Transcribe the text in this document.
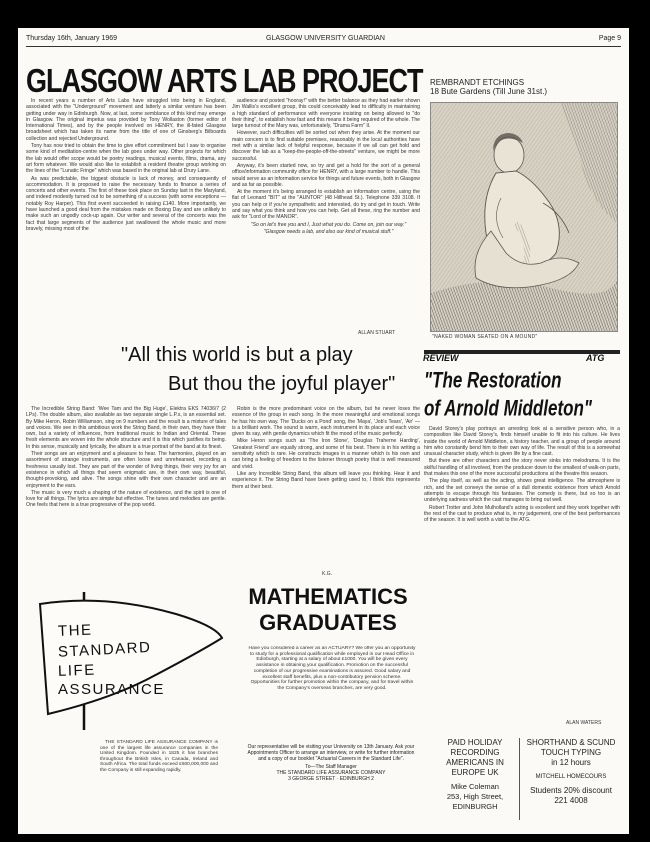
Thursday 16th, January 1969	GLASGOW UNIVERSITY GUARDIAN	Page 9
GLASGOW ARTS LAB PROJECT

In recent years a number of Arts Labs have struggled into being in England, associated with the "Underground" movement and latterly a similar venture has been getting under way in Edinburgh. Now, at last, some semblance of this kind may emerge in Glasgow. The original impetus was provided by Tony Wollaston (former editor of International Times), and by the people involved on HENRY, the ill-fated Glasgow broadsheet which has taken its name from the title of one of Ginsberg's Bilboards collection and rejected Underground.

Tony has now tried to obtain the time to give effort commitment but I saw to organise some kind of meditation-centre when the lab goes under way. Other projects for which the lab would offer scope would be poetry readings, musical events, films, drama, any art form whatever. We would also like to establish a resident theatre group working on the lines of the "Lunatic Fringe" which was based in the original lab at Drury Lane.

As was predictable, the biggest obstacle is lack of money, and consequently of accommodation. It is proposed to raise the necessary funds to finance a series of concerts and other events. The first of these took place on Sunday last in the Maryland, and indeed modestly turned out to be something of a success (with some exceptions — notably Roy Harper). This first event succeeded in raising £140. More importantly, we have launched a good deal from the mistakes made on Boxing Day and are unlikely to make such an ungodly cock-up again. Our writer and several of the concerts was the fact that large segments of the audience just swallowed the whole music and more bravely, missing most of the

audience and posted "hooray!" with the better balance as they had earlier shown Jim Wallis's excellent group, this could conceivably lead to difficulty in maintaining a high standard of performance with everyone insisting on being allowed to "do their thing", to establish how fast and this means it being required of the whole. The large turnout of the Mary was, unfortunately, "Drama Farm" II.

However, such difficulties will be sorted out when they arise. At the moment our main concern is to find suitable premises, reasonably in the local authorities have met with a similar lack of helpful response, because if we all can get hold and discover the lab as a "keep-the-people-off-the-streets" venture, we might be more successful.

Anyway, it's been started now, so try and get a hold for the sort of a general office/information community office for HENRY, with a large number to handle. This would serve as an information service for things and future events, both in Glasgow and as far as possible.

At the moment it's being arranged to establish an information centre, using the flat of Leonard "BIT" at the "AUNTOR" (48 Hillhead St.). Telephone 339 3108. If you can help or if you're sympathetic and interested, do try and get in touch. Write and say what you think and how you can help. Get all these, ring the number and ask for "Lord of the MANOR".

"So on let's free you and I, Just what you do. Come on, join our way."

"Glasgow needs a lab, and also our kind of musical stuff."

ALLAN STUART
REMBRANDT ETCHINGS
18 Bute Gardens (Till June 31st.)
"NAKED WOMAN SEATED ON A MOUND"
"All this world is but a play
But thou the joyful player"
REVIEW	ATG
"The Restoration
of Arnold Middleton"

The Incredible String Band: 'Wee Tam and the Big Huge', Elektra EKS 74036/7 (2 LPs). The double album, also available as two separate single L.P.s, is an essential set. By Mike Heron, Robin Williamson, sing on 9 numbers and the result is a mixture of tales and voices. We see in this ambitious work the String Band, in their own, they have their own, but a variety of influences, from traditional music to Indian and Oriental. These fresh elements are woven into the whole structure and it is this which justifies its being. In this sense, musically and lyrically, the album is a true portrait of the band at its finest.

Their songs are an enjoyment and a pleasure to hear. The harmonies, played on an assortment of strange instruments, are often loose and unrehearsed, recording a freshness usually lost. They are part of the wonder of living things, their very joy for an existence in which all things that seem enigmatic are, in their own way, beautiful, thought-provoking, and alive. The songs shine with their own character and are an enjoyment to the ears.

The music is very much a shaping of the nature of existence, and the spirit is one of love for all things. The lyrics are simple but effective. The tunes and melodies are gentle. One feels that here is a true progressive of the pop world.

Robin is the more predominant voice on the album, but he never loses the essence of the group in each song. In the more meaningful and emotional songs he has his own way. The 'Ducks on a Pond' song, the 'Maya', 'Job's Tears', 'Air' — is a brilliant work. The sound is warm, each instrument in its place and each voice given its say, with gentle dynamics which fit the mood of the music perfectly.

Mike Heron songs such as 'The Iron Stone', 'Douglas Traherne Harding', 'Greatest Friend' are equally strong, and some of his best. There is in his writing a sensitivity which is rare. He constructs images in a manner which is his own and can bring a feeling of freedom to the listener through poetry that is well measured and vivid.

Like any Incredible String Band, this album will leave you thinking. Hear it and experience it. The String Band have been getting used to, I think this represents them at their best.

K.G.

David Storey's play portrays an arresting look at a sensitive person who, in a composition like David Storey's, finds himself unable to fit into his culture. He lives inside the world of Arnold Middleton, a history teacher, and a group of people around him who constantly bend him to their own way of life. The result of this is a somewhat unusual character study, which is given life by a fine cast.

But there are other characters and the story never sinks into melodrama. It is the skilful handling of all involved, from the producer down to the smallest of walk-on parts, that makes this one of the more successful productions at the theatre this season.

The play itself, as well as the acting, shows great intelligence. The atmosphere is rich, and the set conveys the sense of a dull domestic existence from which Arnold attempts to escape through his fantasies. The comedy is there, but so too is an underlying sadness which the cast manages to bring out well.

Robert Trotter and John Mulholland's acting is excellent and they work together with the rest of the cast to produce what is, in my judgement, one of the best performances of the season. It is well worth a visit to the ATG.

ALAN WATERS
THE
STANDARD
LIFE
ASSURANCE

THE STANDARD LIFE ASSURANCE COMPANY is one of the largest life assurance companies in the United Kingdom. Founded in 1825 it has branches throughout the British Isles, in Canada, Ireland and South Africa. The total funds exceed £600,000,000 and the Company is still expanding rapidly.

MATHEMATICS
GRADUATES

Have you considered a career as an ACTUARY? We offer you an opportunity to study for a professional qualification while employed in our Head Office in Edinburgh, starting at a salary of about £1000. You will be given every assistance in obtaining your qualification. Promotion on the successful completion of our progressive examinations is assured. Good salary and excellent staff benefits, plus a non-contributory pension scheme. Opportunities for further promotion within the company, and for travel within the Company's overseas branches, are very good.

Our representative will be visiting your University on 13th January. Ask your Appointments Officer to arrange an interview, or write for further information and a copy of our booklet "Actuarial Careers in the Standard Life".
To—The Staff Manager
THE STANDARD LIFE ASSURANCE COMPANY
3 GEORGE STREET · EDINBURGH 2
PAID HOLIDAY
RECORDING
AMERICANS IN
EUROPE UK
Mike Coleman
253, High Street,
EDINBURGH
SHORTHAND & SCUND
TOUCH TYPING
in 12 hours
MITCHELL HOMECOURS
Students 20% discount
221 4008
